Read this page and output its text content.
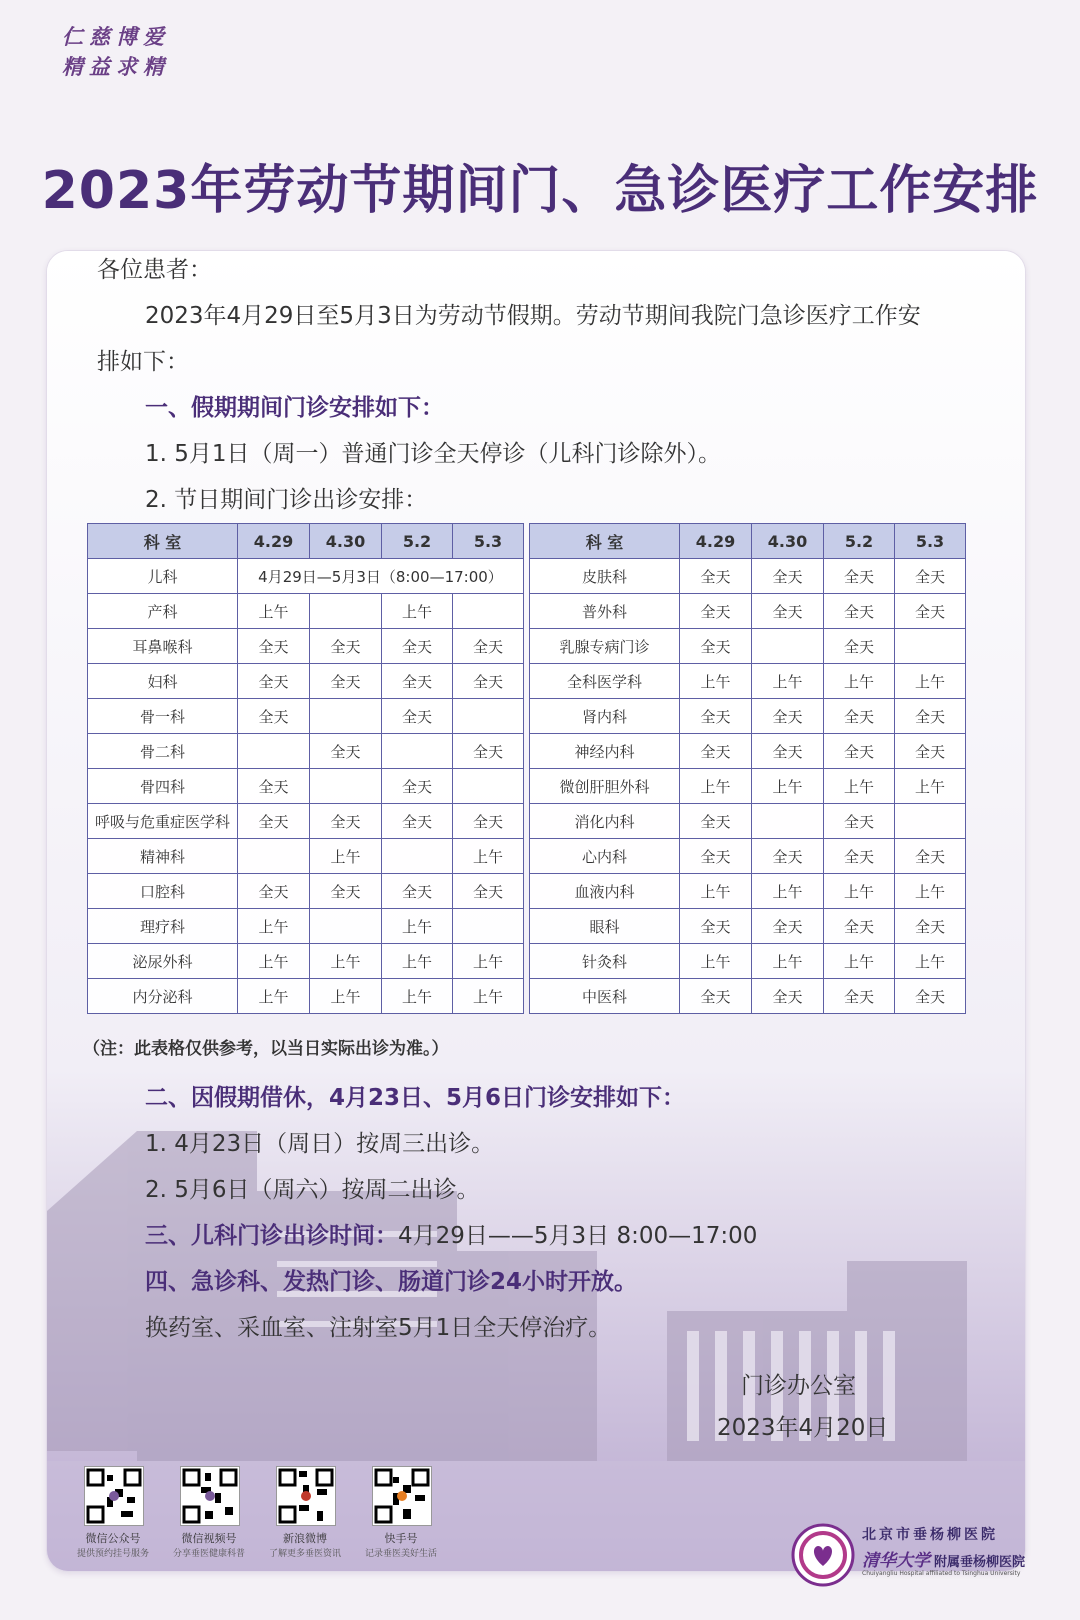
仁慈博爱
精益求精
2023年劳动节期间门、急诊医疗工作安排
各位患者：
2023年4月29日至5月3日为劳动节假期。劳动节期间我院门急诊医疗工作安
排如下：
一、假期期间门诊安排如下：
1. 5月1日（周一）普通门诊全天停诊（儿科门诊除外）。
2. 节日期间门诊出诊安排：
科 室	4.29	4.30	5.2	5.3
儿科	4月29日—5月3日（8:00—17:00）			
产科	上午		上午	
耳鼻喉科	全天	全天	全天	全天
妇科	全天	全天	全天	全天
骨一科	全天		全天	
骨二科		全天		全天
骨四科	全天		全天	
呼吸与危重症医学科	全天	全天	全天	全天
精神科		上午		上午
口腔科	全天	全天	全天	全天
理疗科	上午		上午	
泌尿外科	上午	上午	上午	上午
内分泌科	上午	上午	上午	上午
科 室	4.29	4.30	5.2	5.3
皮肤科	全天	全天	全天	全天
普外科	全天	全天	全天	全天
乳腺专病门诊	全天		全天	
全科医学科	上午	上午	上午	上午
肾内科	全天	全天	全天	全天
神经内科	全天	全天	全天	全天
微创肝胆外科	上午	上午	上午	上午
消化内科	全天		全天	
心内科	全天	全天	全天	全天
血液内科	上午	上午	上午	上午
眼科	全天	全天	全天	全天
针灸科	上午	上午	上午	上午
中医科	全天	全天	全天	全天
（注：此表格仅供参考，以当日实际出诊为准。）
二、因假期借休，4月23日、5月6日门诊安排如下：
1. 4月23日（周日）按周三出诊。
2. 5月6日（周六）按周二出诊。
三、儿科门诊出诊时间：4月29日——5月3日 8:00—17:00
四、急诊科、发热门诊、肠道门诊24小时开放。
换药室、采血室、注射室5月1日全天停治疗。
门诊办公室
2023年4月20日
微信公众号
提供预约挂号服务
微信视频号
分享垂医健康科普
新浪微博
了解更多垂医资讯
快手号
记录垂医美好生活
北京市垂杨柳医院
清华大学 附属垂杨柳医院
Chuiyangliu Hospital affiliated to Tsinghua University
